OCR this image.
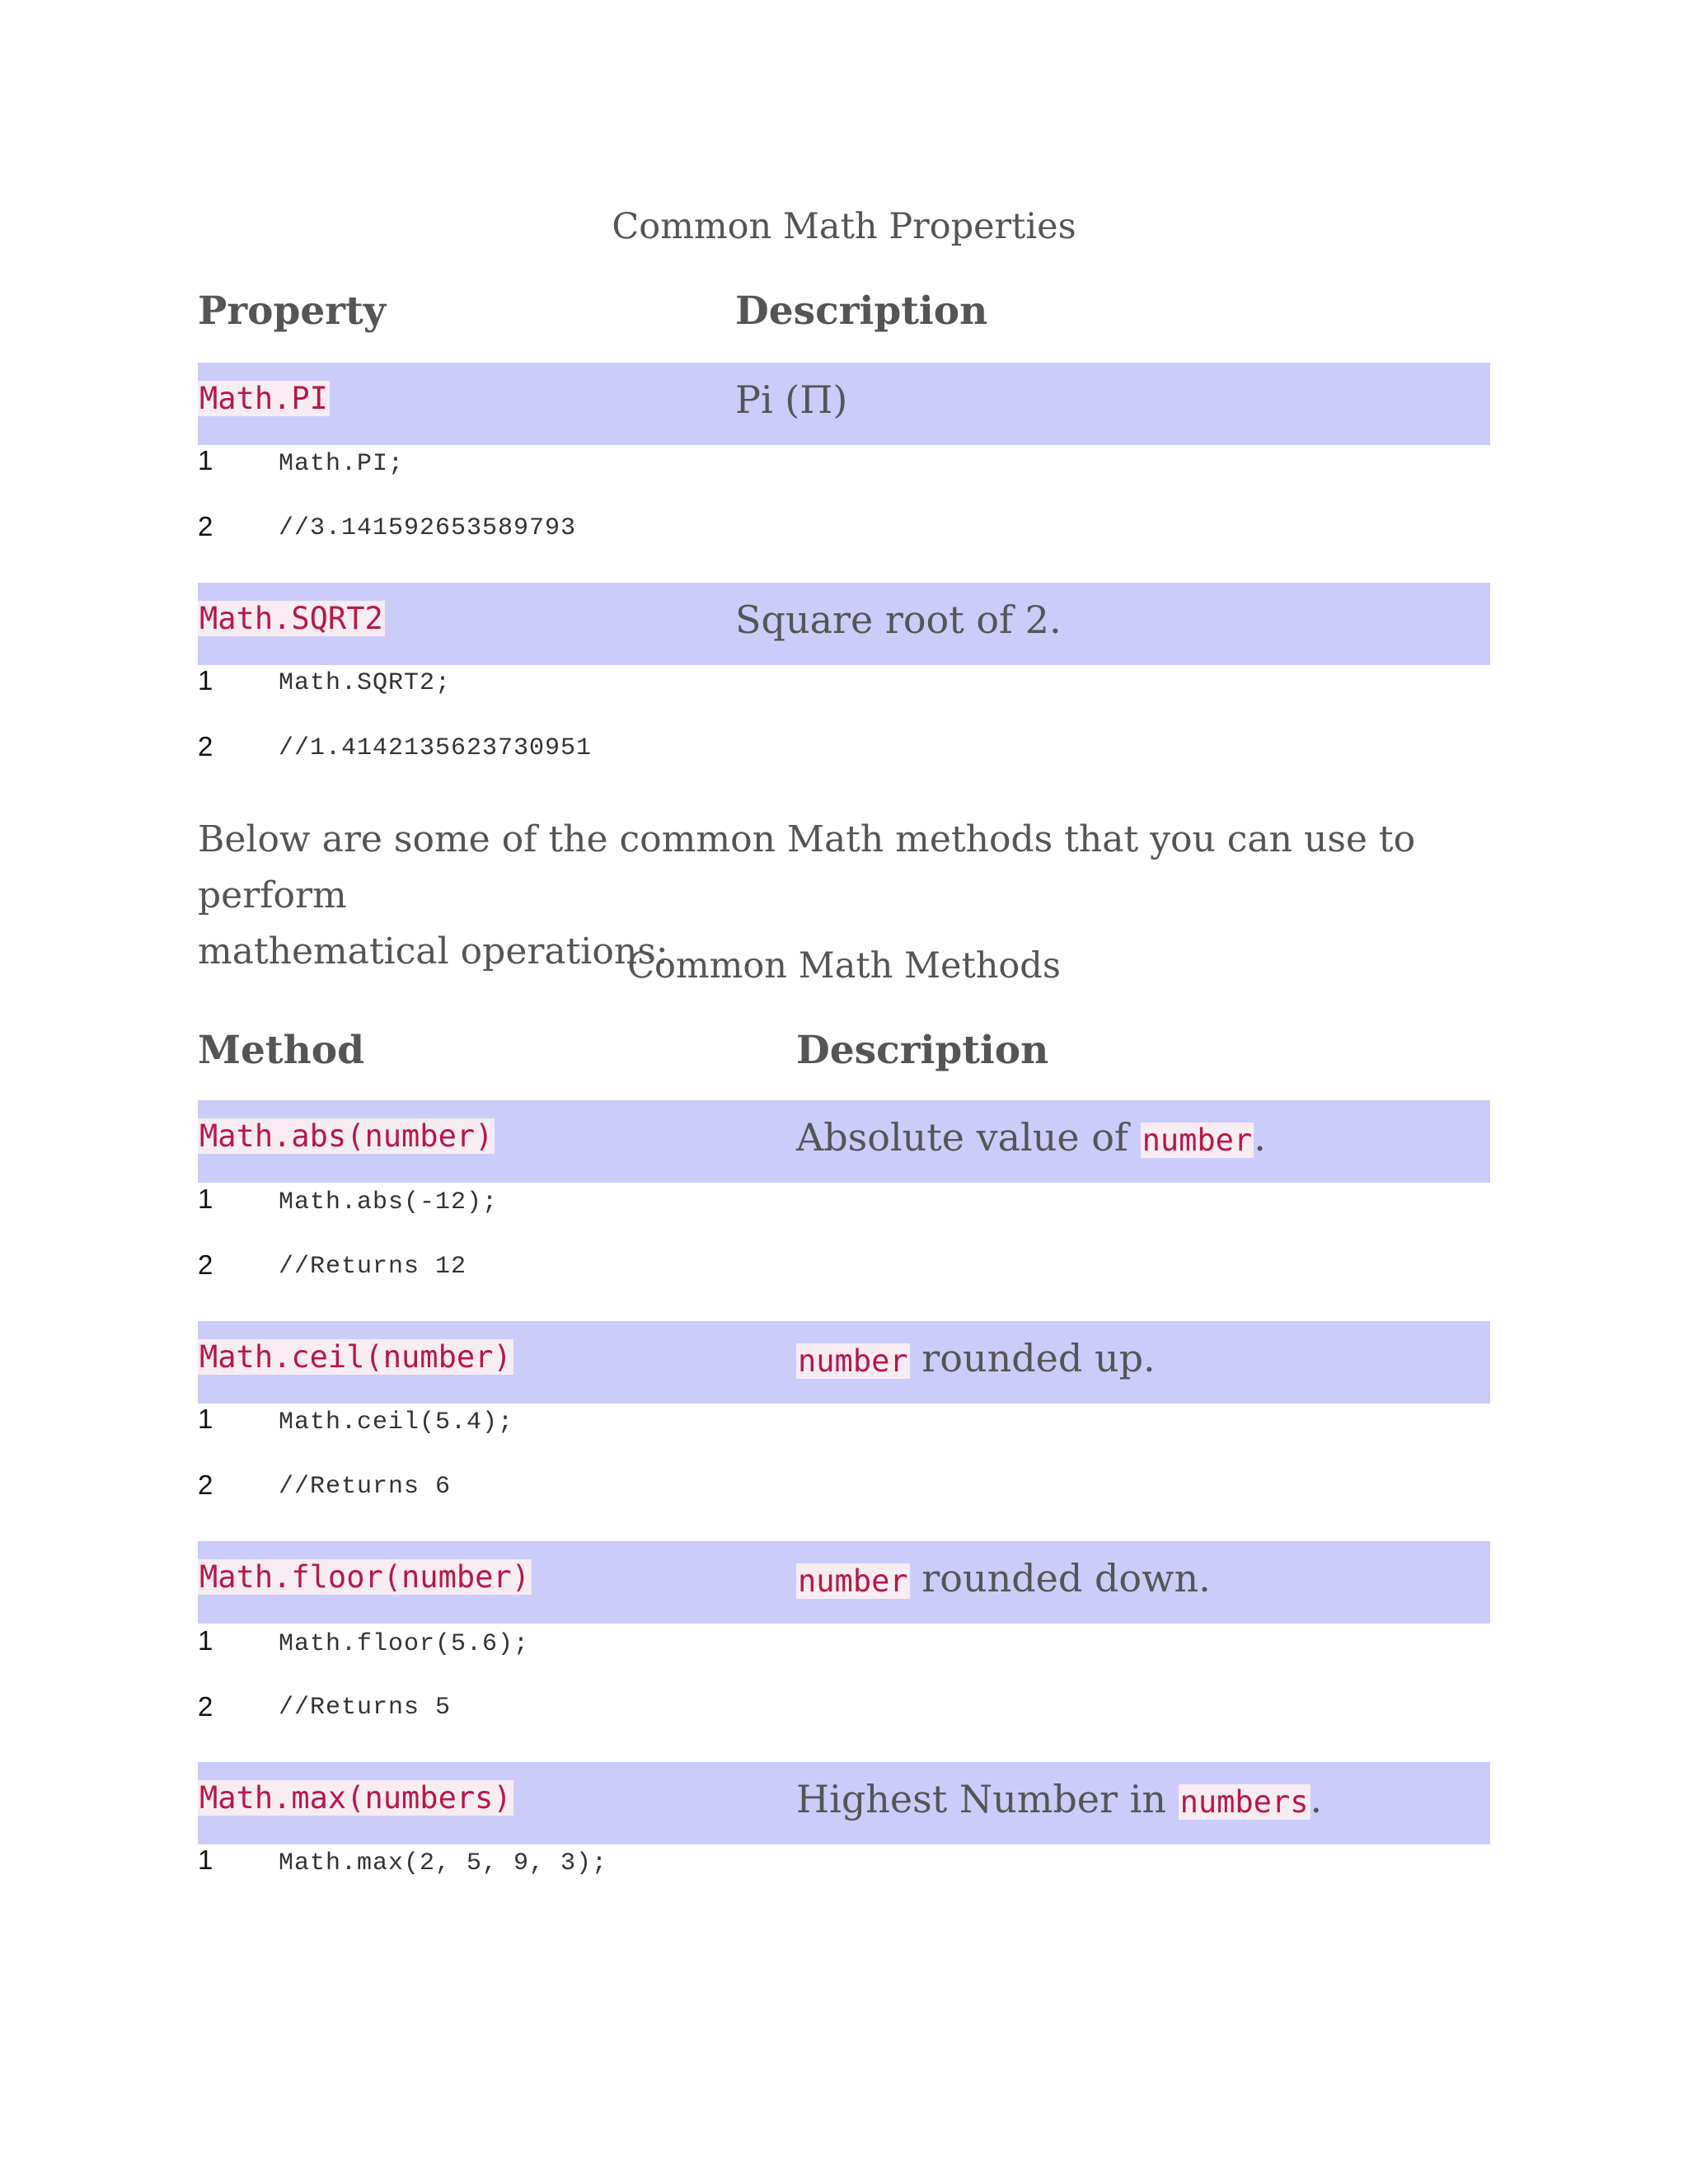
Common Math Properties
Property	Description
Math.PI	Pi (Π)
1	Math.PI;
2	//3.141592653589793
Math.SQRT2	Square root of 2.
1	Math.SQRT2;
2	//1.4142135623730951
Below are some of the common Math methods that you can use to perform
mathematical operations:
Common Math Methods
Method	Description
Math.abs(number)	Absolute value of number.
1	Math.abs(-12);
2	//Returns 12
Math.ceil(number)	number rounded up.
1	Math.ceil(5.4);
2	//Returns 6
Math.floor(number)	number rounded down.
1	Math.floor(5.6);
2	//Returns 5
Math.max(numbers)	Highest Number in numbers.
1	Math.max(2, 5, 9, 3);
